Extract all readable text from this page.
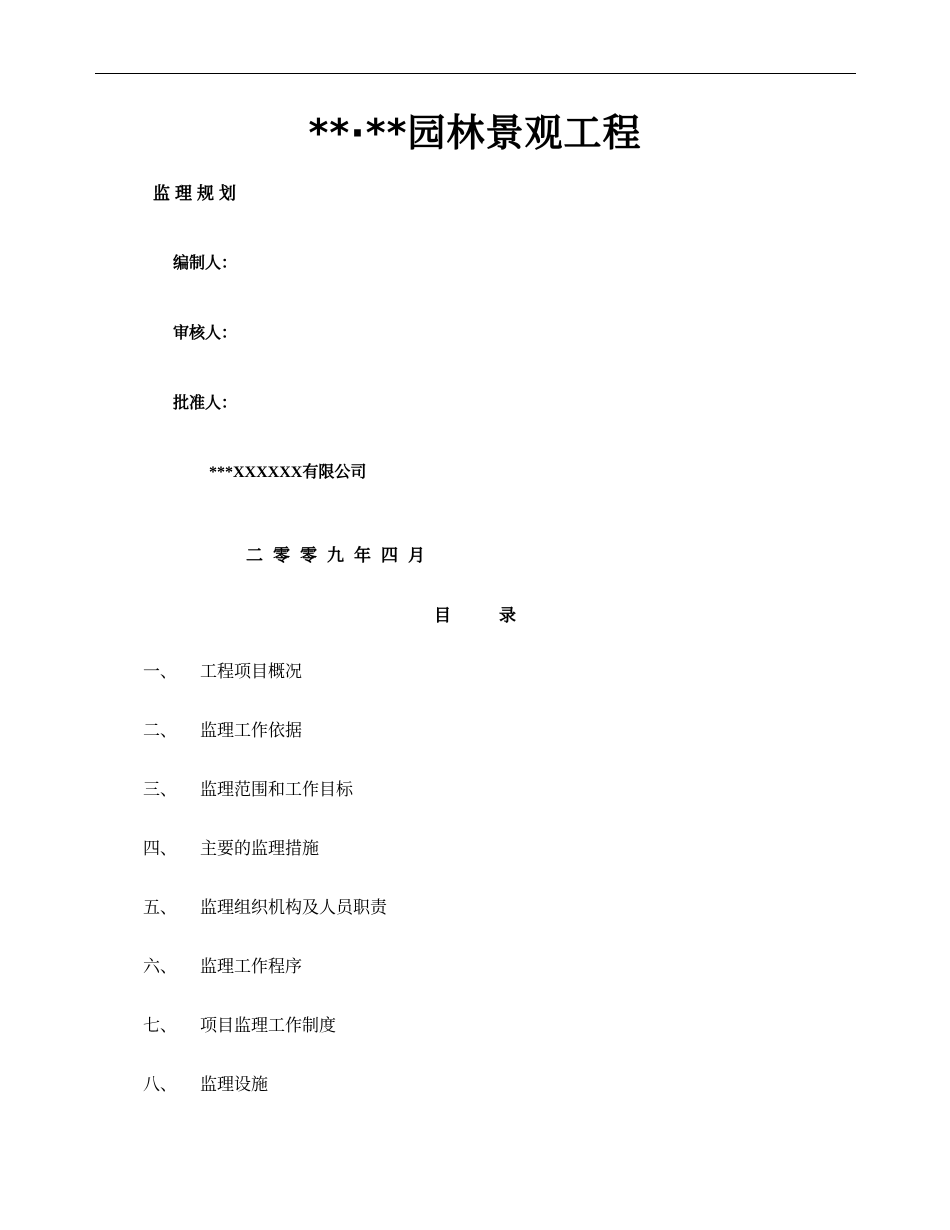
**·**园林景观工程
监理规划
编制人：
审核人：
批准人：
***XXXXXX有限公司
二零零九年四月
目	录
一、 工程项目概况
二、 监理工作依据
三、 监理范围和工作目标
四、 主要的监理措施
五、 监理组织机构及人员职责
六、 监理工作程序
七、 项目监理工作制度
八、 监理设施
